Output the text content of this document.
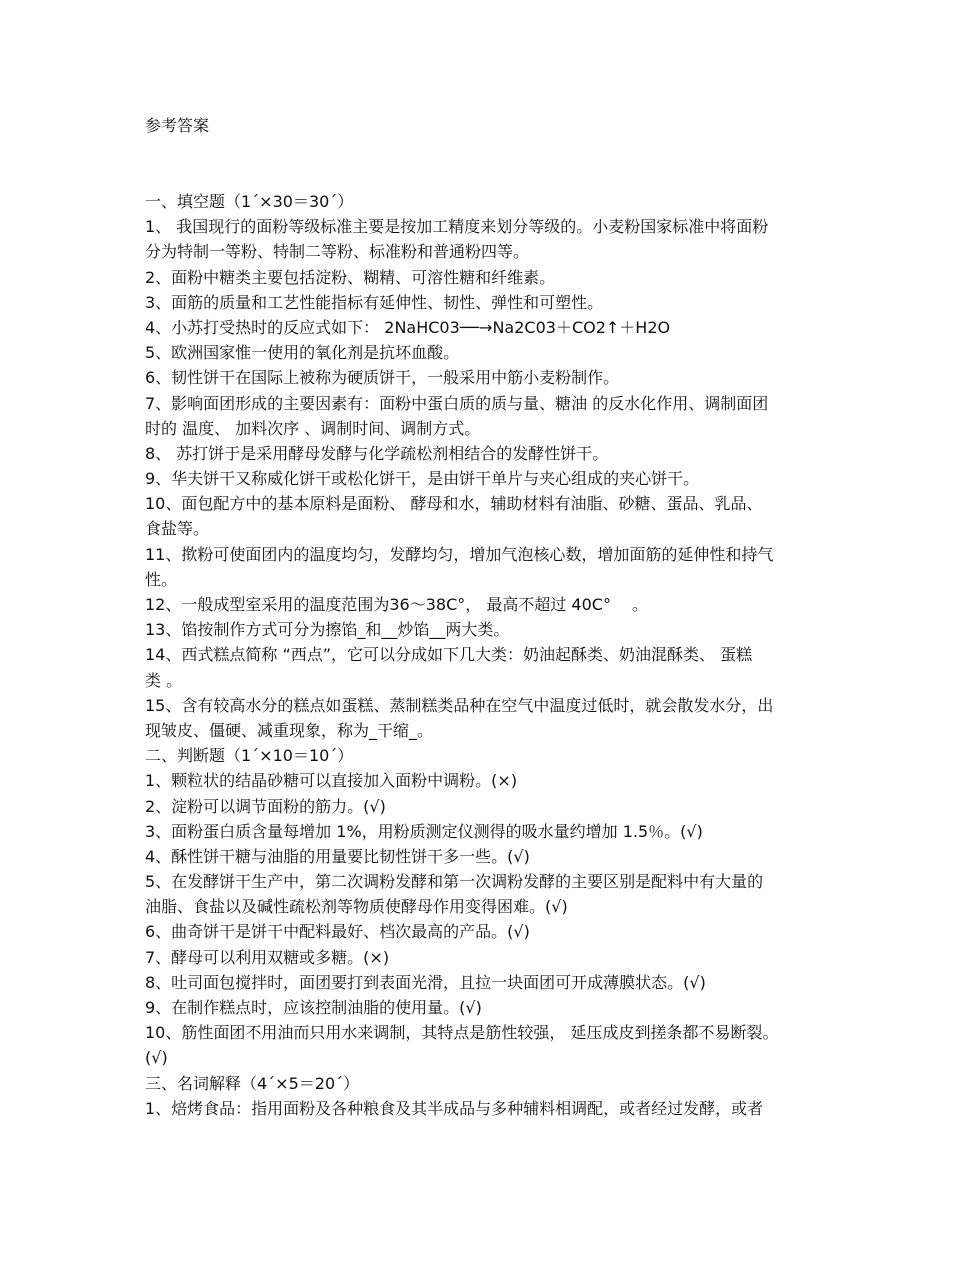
参考答案
一、填空题（1´×30＝30´）
1、 我国现行的面粉等级标准主要是按加工精度来划分等级的。小麦粉国家标准中将面粉
分为特制一等粉、特制二等粉、标准粉和普通粉四等。
2、面粉中糖类主要包括淀粉、糊精、可溶性糖和纤维素。
3、面筋的质量和工艺性能指标有延伸性、韧性、弹性和可塑性。
4、小苏打受热时的反应式如下： 2NaHC03──→Na2C03＋CO2↑＋H2O
5、欧洲国家惟一使用的氧化剂是抗坏血酸。
6、韧性饼干在国际上被称为硬质饼干，一般采用中筋小麦粉制作。
7、影响面团形成的主要因素有：面粉中蛋白质的质与量、糖油 的反水化作用、调制面团
时的 温度、 加料次序 、调制时间、调制方式。
8、 苏打饼于是采用酵母发酵与化学疏松剂相结合的发酵性饼干。
9、华夫饼干又称威化饼干或松化饼干，是由饼干单片与夹心组成的夹心饼干。
10、面包配方中的基本原料是面粉、 酵母和水，辅助材料有油脂、砂糖、蛋品、乳品、
食盐等。
11、揿粉可使面团内的温度均匀，发酵均匀，增加气泡核心数，增加面筋的延伸性和持气
性。
12、一般成型室采用的温度范围为36～38C°， 最高不超过 40C°　 。
13、馅按制作方式可分为擦馅_和__炒馅__两大类。
14、西式糕点简称 “西点”，它可以分成如下几大类：奶油起酥类、奶油混酥类、 蛋糕
类 。
15、含有较高水分的糕点如蛋糕、蒸制糕类品种在空气中温度过低时，就会散发水分，出
现皱皮、僵硬、减重现象，称为_干缩_。
二、判断题（1´×10＝10´）
1、颗粒状的结晶砂糖可以直接加入面粉中调粉。(×)
2、淀粉可以调节面粉的筋力。(√)
3、面粉蛋白质含量每增加 1%，用粉质测定仪测得的吸水量约增加 1.5％。(√)
4、酥性饼干糖与油脂的用量要比韧性饼干多一些。(√)
5、在发酵饼干生产中，第二次调粉发酵和第一次调粉发酵的主要区别是配料中有大量的
油脂、食盐以及碱性疏松剂等物质使酵母作用变得困难。(√)
6、曲奇饼干是饼干中配料最好、档次最高的产品。(√)
7、酵母可以利用双糖或多糖。(×)
8、吐司面包搅拌时，面团要打到表面光滑，且拉一块面团可开成薄膜状态。(√)
9、在制作糕点时，应该控制油脂的使用量。(√)
10、筋性面团不用油而只用水来调制，其特点是筋性较强， 延压成皮到搓条都不易断裂。
(√)
三、名词解释（4´×5＝20´）
1、焙烤食品：指用面粉及各种粮食及其半成品与多种辅料相调配，或者经过发酵，或者
